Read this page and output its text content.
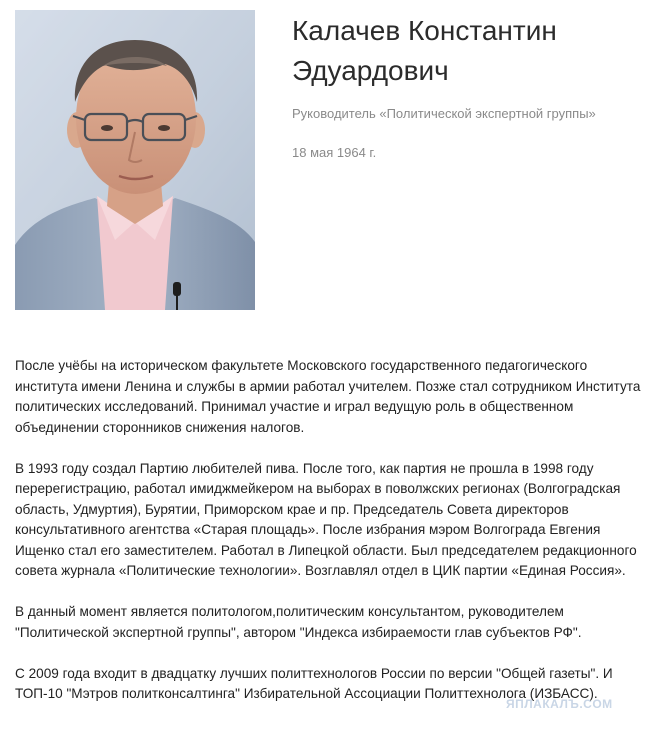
Калачев Константин Эдуардович
Руководитель «Политической экспертной группы»
18 мая 1964 г.

После учёбы на историческом факультете Московского государственного педагогического института имени Ленина и службы в армии работал учителем. Позже стал сотрудником Института политических исследований. Принимал участие и играл ведущую роль в общественном объединении сторонников снижения налогов.

В 1993 году создал Партию любителей пива. После того, как партия не прошла в 1998 году перерегистрацию, работал имиджмейкером на выборах в поволжских регионах (Волгоградская область, Удмуртия), Бурятии, Приморском крае и пр. Председатель Совета директоров консультативного агентства «Старая площадь». После избрания мэром Волгограда Евгения Ищенко стал его заместителем. Работал в Липецкой области. Был председателем редакционного совета журнала «Политические технологии». Возглавлял отдел в ЦИК партии «Единая Россия».

В данный момент является политологом,политическим консультантом, руководителем "Политической экспертной группы", автором "Индекса избираемости глав субъектов РФ".

С 2009 года входит в двадцатку лучших политтехнологов России по версии "Общей газеты". И ТОП-10 "Мэтров политконсалтинга" Избирательной Ассоциации Политтехнолога (ИЗБАСС).

ЯПЛАКАЛЪ.COM
